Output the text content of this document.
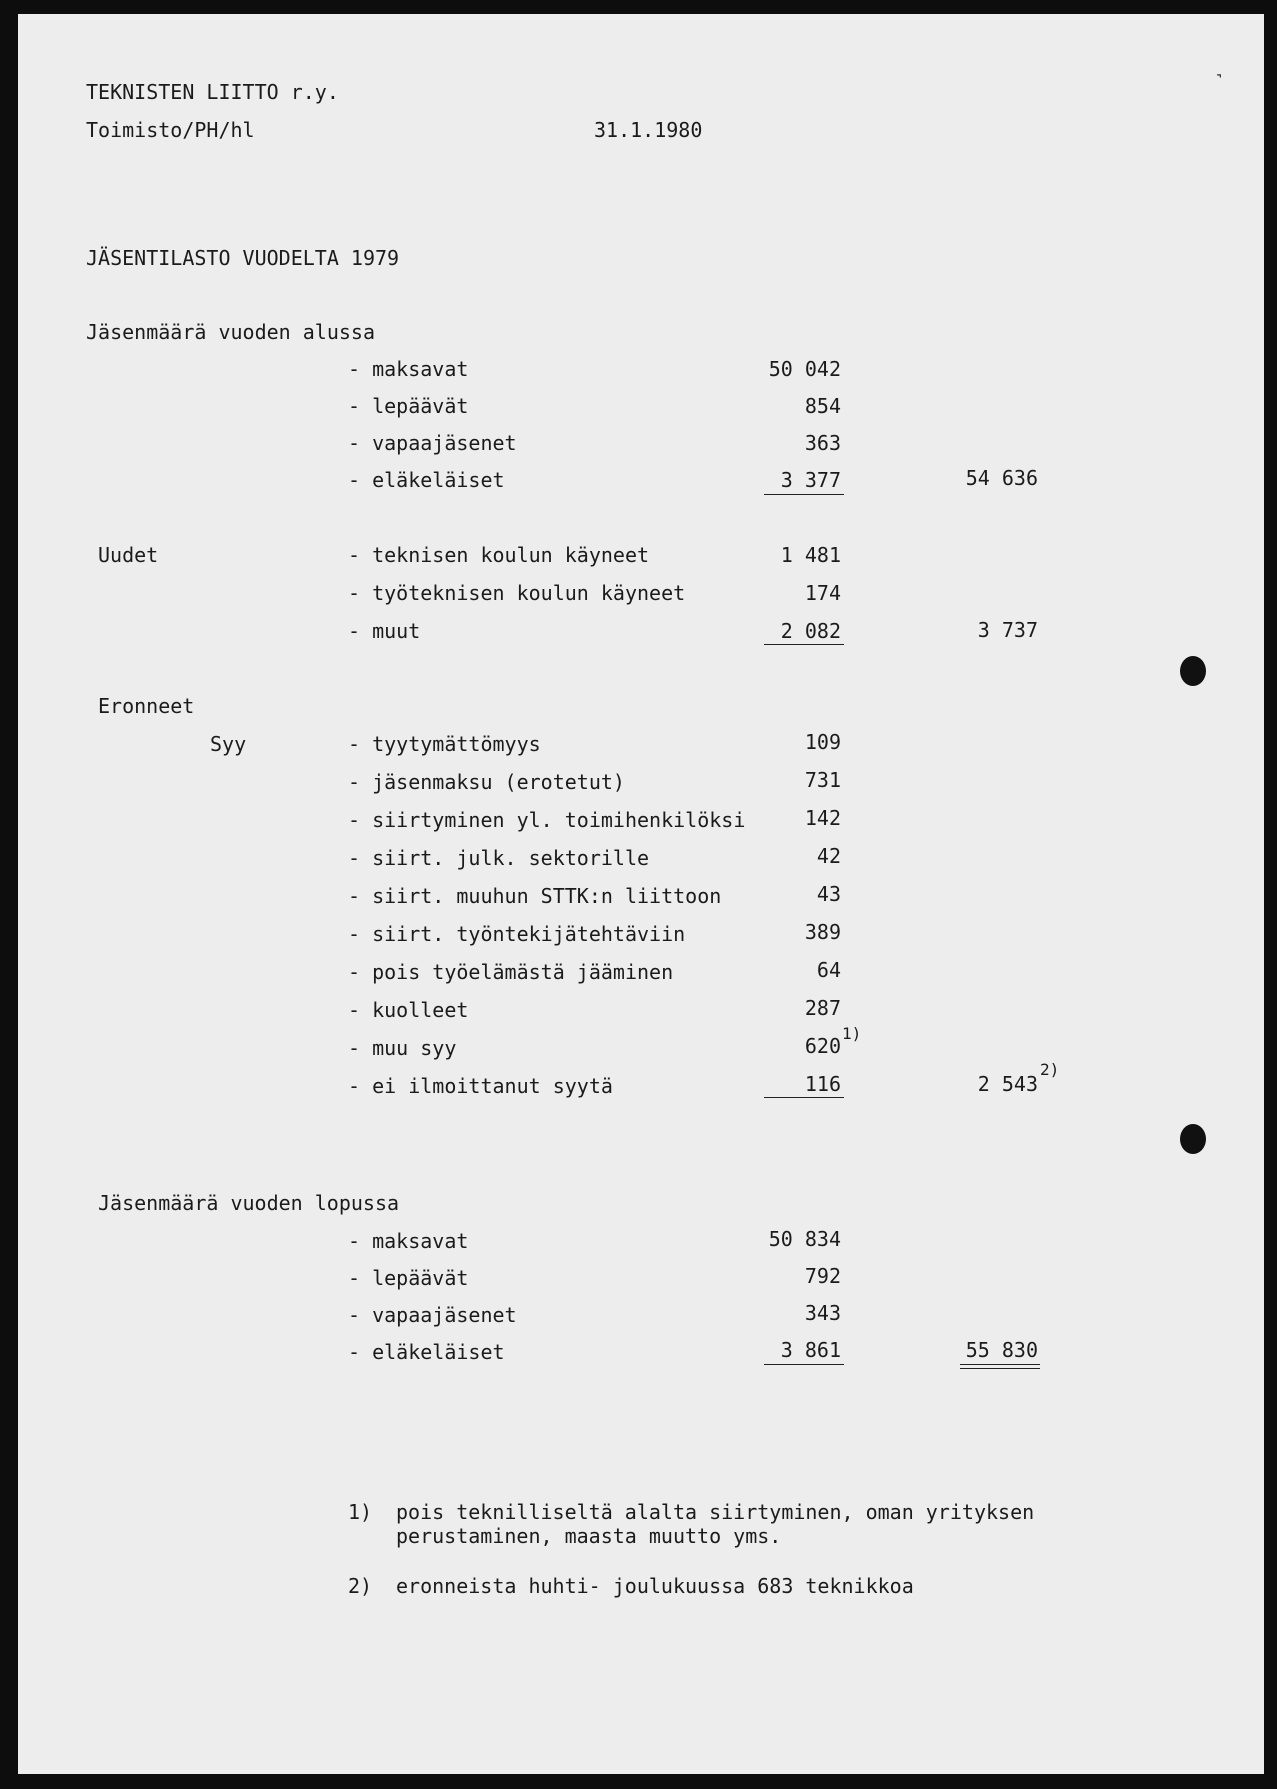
TEKNISTEN LIITTO r.y.
Toimisto/PH/hl	31.1.1980
˺
JÄSENTILASTO VUODELTA 1979
Jäsenmäärä vuoden alussa
- maksavat	50 042
- lepäävät	854
- vapaajäsenet	363
- eläkeläiset	3 377	54 636
Uudet	- teknisen koulun käyneet	1 481
- työteknisen koulun käyneet	174
- muut	2 082	3 737
Eronneet
Syy	- tyytymättömyys	109
- jäsenmaksu (erotetut)	731
- siirtyminen yl. toimihenkilöksi	142
- siirt. julk. sektorille	42
- siirt. muuhun STTK:n liittoon	43
- siirt. työntekijätehtäviin	389
- pois työelämästä jääminen	64
- kuolleet	287
- muu syy	620
1)
- ei ilmoittanut syytä	116	2 543
2)
Jäsenmäärä vuoden lopussa
- maksavat	50 834
- lepäävät	792
- vapaajäsenet	343
- eläkeläiset	3 861	55 830
1) pois teknilliseltä alalta siirtyminen, oman yrityksen
perustaminen, maasta muutto yms.
2) eronneista huhti- joulukuussa 683 teknikkoa
